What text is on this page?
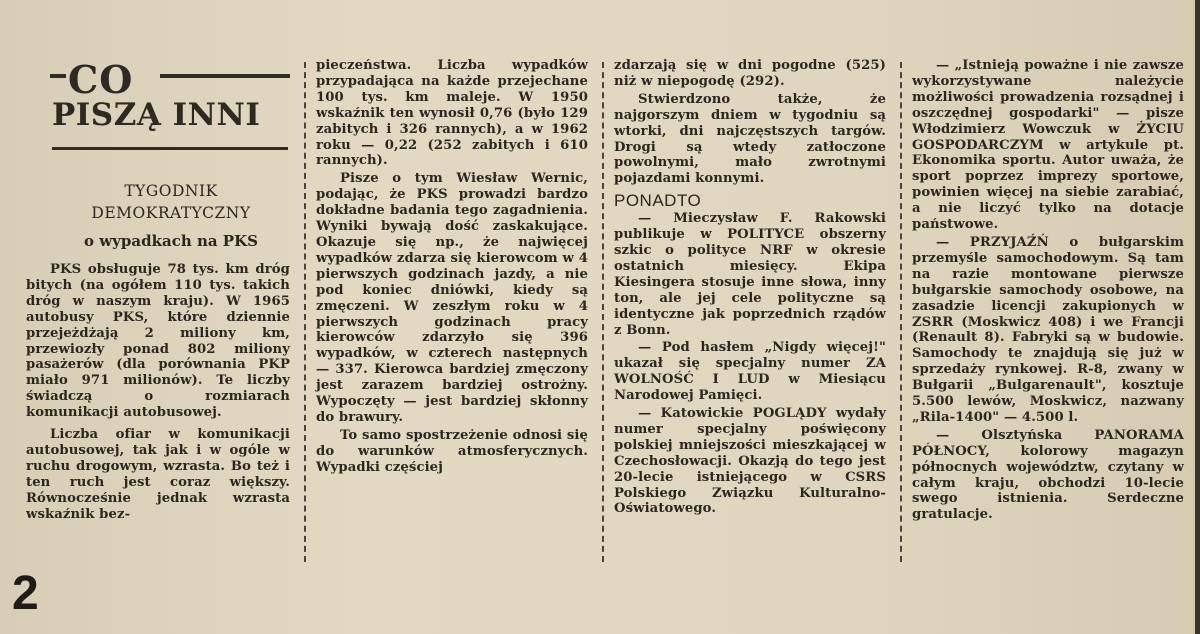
CO
PISZĄ INNI
TYGODNIK
DEMOKRATYCZNY
o wypadkach na PKS

PKS obsługuje 78 tys. km dróg bitych (na ogółem 110 tys. takich dróg w naszym kraju). W 1965 autobusy PKS, które dziennie przejeżdżają 2 miliony km, przewiozły ponad 802 miliony pasażerów (dla porównania PKP miało 971 milionów). Te liczby świadczą o rozmiarach komunikacji autobusowej.

Liczba ofiar w komunikacji autobusowej, tak jak i w ogóle w ruchu drogowym, wzrasta. Bo też i ten ruch jest coraz większy. Równocześnie jednak wzrasta wskaźnik bez-

pieczeństwa. Liczba wypadków przypadająca na każde przejechane 100 tys. km maleje. W 1950 wskaźnik ten wynosił 0,76 (było 129 zabitych i 326 rannych), a w 1962 roku — 0,22 (252 zabitych i 610 rannych).

Pisze o tym Wiesław Wernic, podając, że PKS prowadzi bardzo dokładne badania tego zagadnienia. Wyniki bywają dość zaskakujące. Okazuje się np., że najwięcej wypadków zdarza się kierowcom w 4 pierwszych godzinach jazdy, a nie pod koniec dniówki, kiedy są zmęczeni. W zeszłym roku w 4 pierwszych godzinach pracy kierowców zdarzyło się 396 wypadków, w czterech następnych — 337. Kierowca bardziej zmęczony jest zarazem bardziej ostrożny. Wypoczęty — jest bardziej skłonny do brawury.

To samo spostrzeżenie odnosi się do warunków atmosferycznych. Wypadki częściej

zdarzają się w dni pogodne (525) niż w niepogodę (292).

Stwierdzono także, że najgorszym dniem w tygodniu są wtorki, dni najczęstszych targów. Drogi są wtedy zatłoczone powolnymi, mało zwrotnymi pojazdami konnymi.

PONADTO

— Mieczysław F. Rakowski publikuje w POLITYCE obszerny szkic o polityce NRF w okresie ostatnich miesięcy. Ekipa Kiesingera stosuje inne słowa, inny ton, ale jej cele polityczne są identyczne jak poprzednich rządów z Bonn.

— Pod hasłem „Nigdy więcej!" ukazał się specjalny numer ZA WOLNOŚĆ I LUD w Miesiącu Narodowej Pamięci.

— Katowickie POGLĄDY wydały numer specjalny poświęcony polskiej mniejszości mieszkającej w Czechosłowacji. Okazją do tego jest 20-lecie istniejącego w CSRS Polskiego Związku Kulturalno-Oświatowego.

— „Istnieją poważne i nie zawsze wykorzystywane należycie możliwości prowadzenia rozsądnej i oszczędnej gospodarki" — pisze Włodzimierz Wowczuk w ŻYCIU GOSPODARCZYM w artykule pt. Ekonomika sportu. Autor uważa, że sport poprzez imprezy sportowe, powinien więcej na siebie zarabiać, a nie liczyć tylko na dotacje państwowe.

— PRZYJAŹŃ o bułgarskim przemyśle samochodowym. Są tam na razie montowane pierwsze bułgarskie samochody osobowe, na zasadzie licencji zakupionych w ZSRR (Moskwicz 408) i we Francji (Renault 8). Fabryki są w budowie. Samochody te znajdują się już w sprzedaży rynkowej. R-8, zwany w Bułgarii „Bulgarenault", kosztuje 5.500 lewów, Moskwicz, nazwany „Rila-1400" — 4.500 l.

— Olsztyńska PANORAMA PÓŁNOCY, kolorowy magazyn północnych województw, czytany w całym kraju, obchodzi 10-lecie swego istnienia. Serdeczne gratulacje.

2
